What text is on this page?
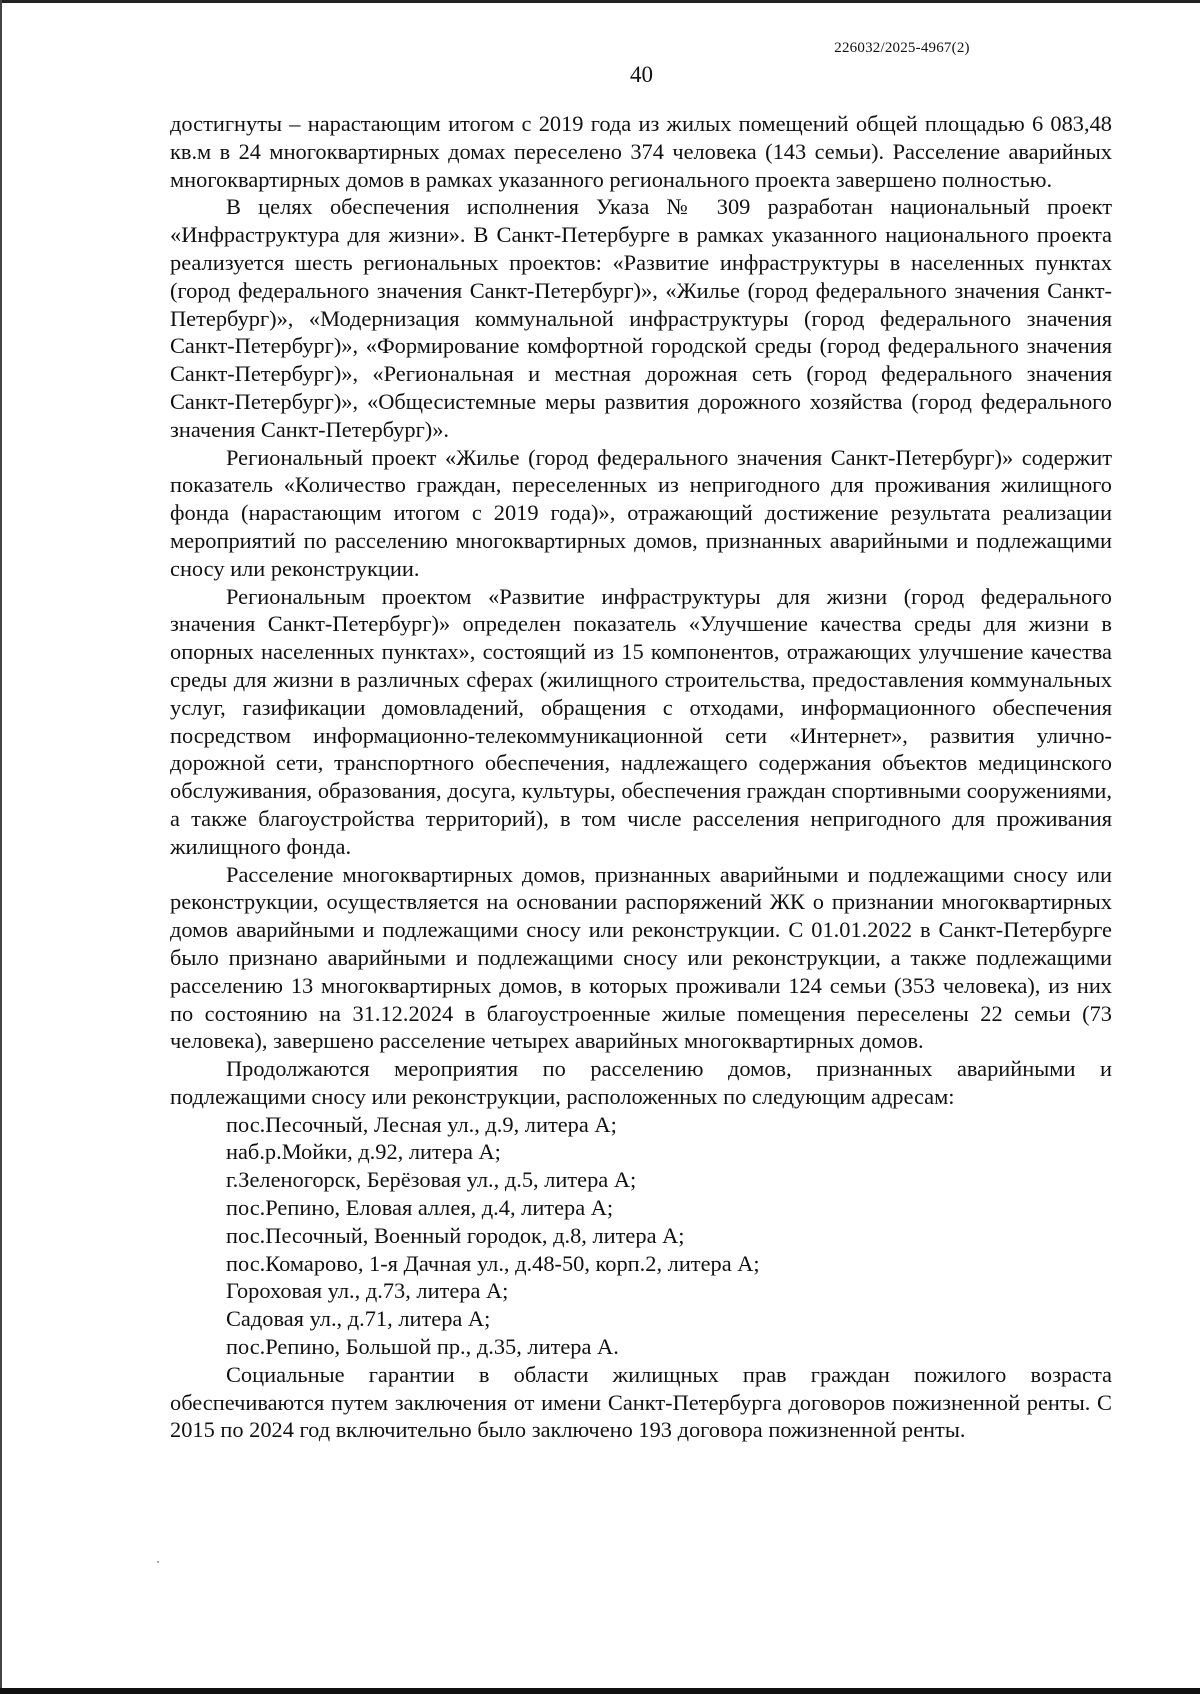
226032/2025-4967(2)
40

достигнуты – нарастающим итогом с 2019 года из жилых помещений общей площадью 6 083,48 кв.м в 24 многоквартирных домах переселено 374 человека (143 семьи). Расселение аварийных многоквартирных домов в рамках указанного регионального проекта завершено полностью.

В целях обеспечения исполнения Указа № 309 разработан национальный проект «Инфраструктура для жизни». В Санкт-Петербурге в рамках указанного национального проекта реализуется шесть региональных проектов: «Развитие инфраструктуры в населенных пунктах (город федерального значения Санкт-Петербург)», «Жилье (город федерального значения Санкт-Петербург)», «Модернизация коммунальной инфраструктуры (город федерального значения Санкт-Петербург)», «Формирование комфортной городской среды (город федерального значения Санкт-Петербург)», «Региональная и местная дорожная сеть (город федерального значения Санкт-Петербург)», «Общесистемные меры развития дорожного хозяйства (город федерального значения Санкт-Петербург)».

Региональный проект «Жилье (город федерального значения Санкт-Петербург)» содержит показатель «Количество граждан, переселенных из непригодного для проживания жилищного фонда (нарастающим итогом с 2019 года)», отражающий достижение результата реализации мероприятий по расселению многоквартирных домов, признанных аварийными и подлежащими сносу или реконструкции.

Региональным проектом «Развитие инфраструктуры для жизни (город федерального значения Санкт-Петербург)» определен показатель «Улучшение качества среды для жизни в опорных населенных пунктах», состоящий из 15 компонентов, отражающих улучшение качества среды для жизни в различных сферах (жилищного строительства, предоставления коммунальных услуг, газификации домовладений, обращения с отходами, информационного обеспечения посредством информационно-телекоммуникационной сети «Интернет», развития улично-дорожной сети, транспортного обеспечения, надлежащего содержания объектов медицинского обслуживания, образования, досуга, культуры, обеспечения граждан спортивными сооружениями, а также благоустройства территорий), в том числе расселения непригодного для проживания жилищного фонда.

Расселение многоквартирных домов, признанных аварийными и подлежащими сносу или реконструкции, осуществляется на основании распоряжений ЖК о признании многоквартирных домов аварийными и подлежащими сносу или реконструкции. С 01.01.2022 в Санкт-Петербурге было признано аварийными и подлежащими сносу или реконструкции, а также подлежащими расселению 13 многоквартирных домов, в которых проживали 124 семьи (353 человека), из них по состоянию на 31.12.2024 в благоустроенные жилые помещения переселены 22 семьи (73 человека), завершено расселение четырех аварийных многоквартирных домов.

Продолжаются мероприятия по расселению домов, признанных аварийными и подлежащими сносу или реконструкции, расположенных по следующим адресам:

пос.Песочный, Лесная ул., д.9, литера А;
наб.р.Мойки, д.92, литера А;
г.Зеленогорск, Берёзовая ул., д.5, литера А;
пос.Репино, Еловая аллея, д.4, литера А;
пос.Песочный, Военный городок, д.8, литера А;
пос.Комарово, 1-я Дачная ул., д.48-50, корп.2, литера А;
Гороховая ул., д.73, литера А;
Садовая ул., д.71, литера А;
пос.Репино, Большой пр., д.35, литера А.

Социальные гарантии в области жилищных прав граждан пожилого возраста обеспечиваются путем заключения от имени Санкт-Петербурга договоров пожизненной ренты. С 2015 по 2024 год включительно было заключено 193 договора пожизненной ренты.
